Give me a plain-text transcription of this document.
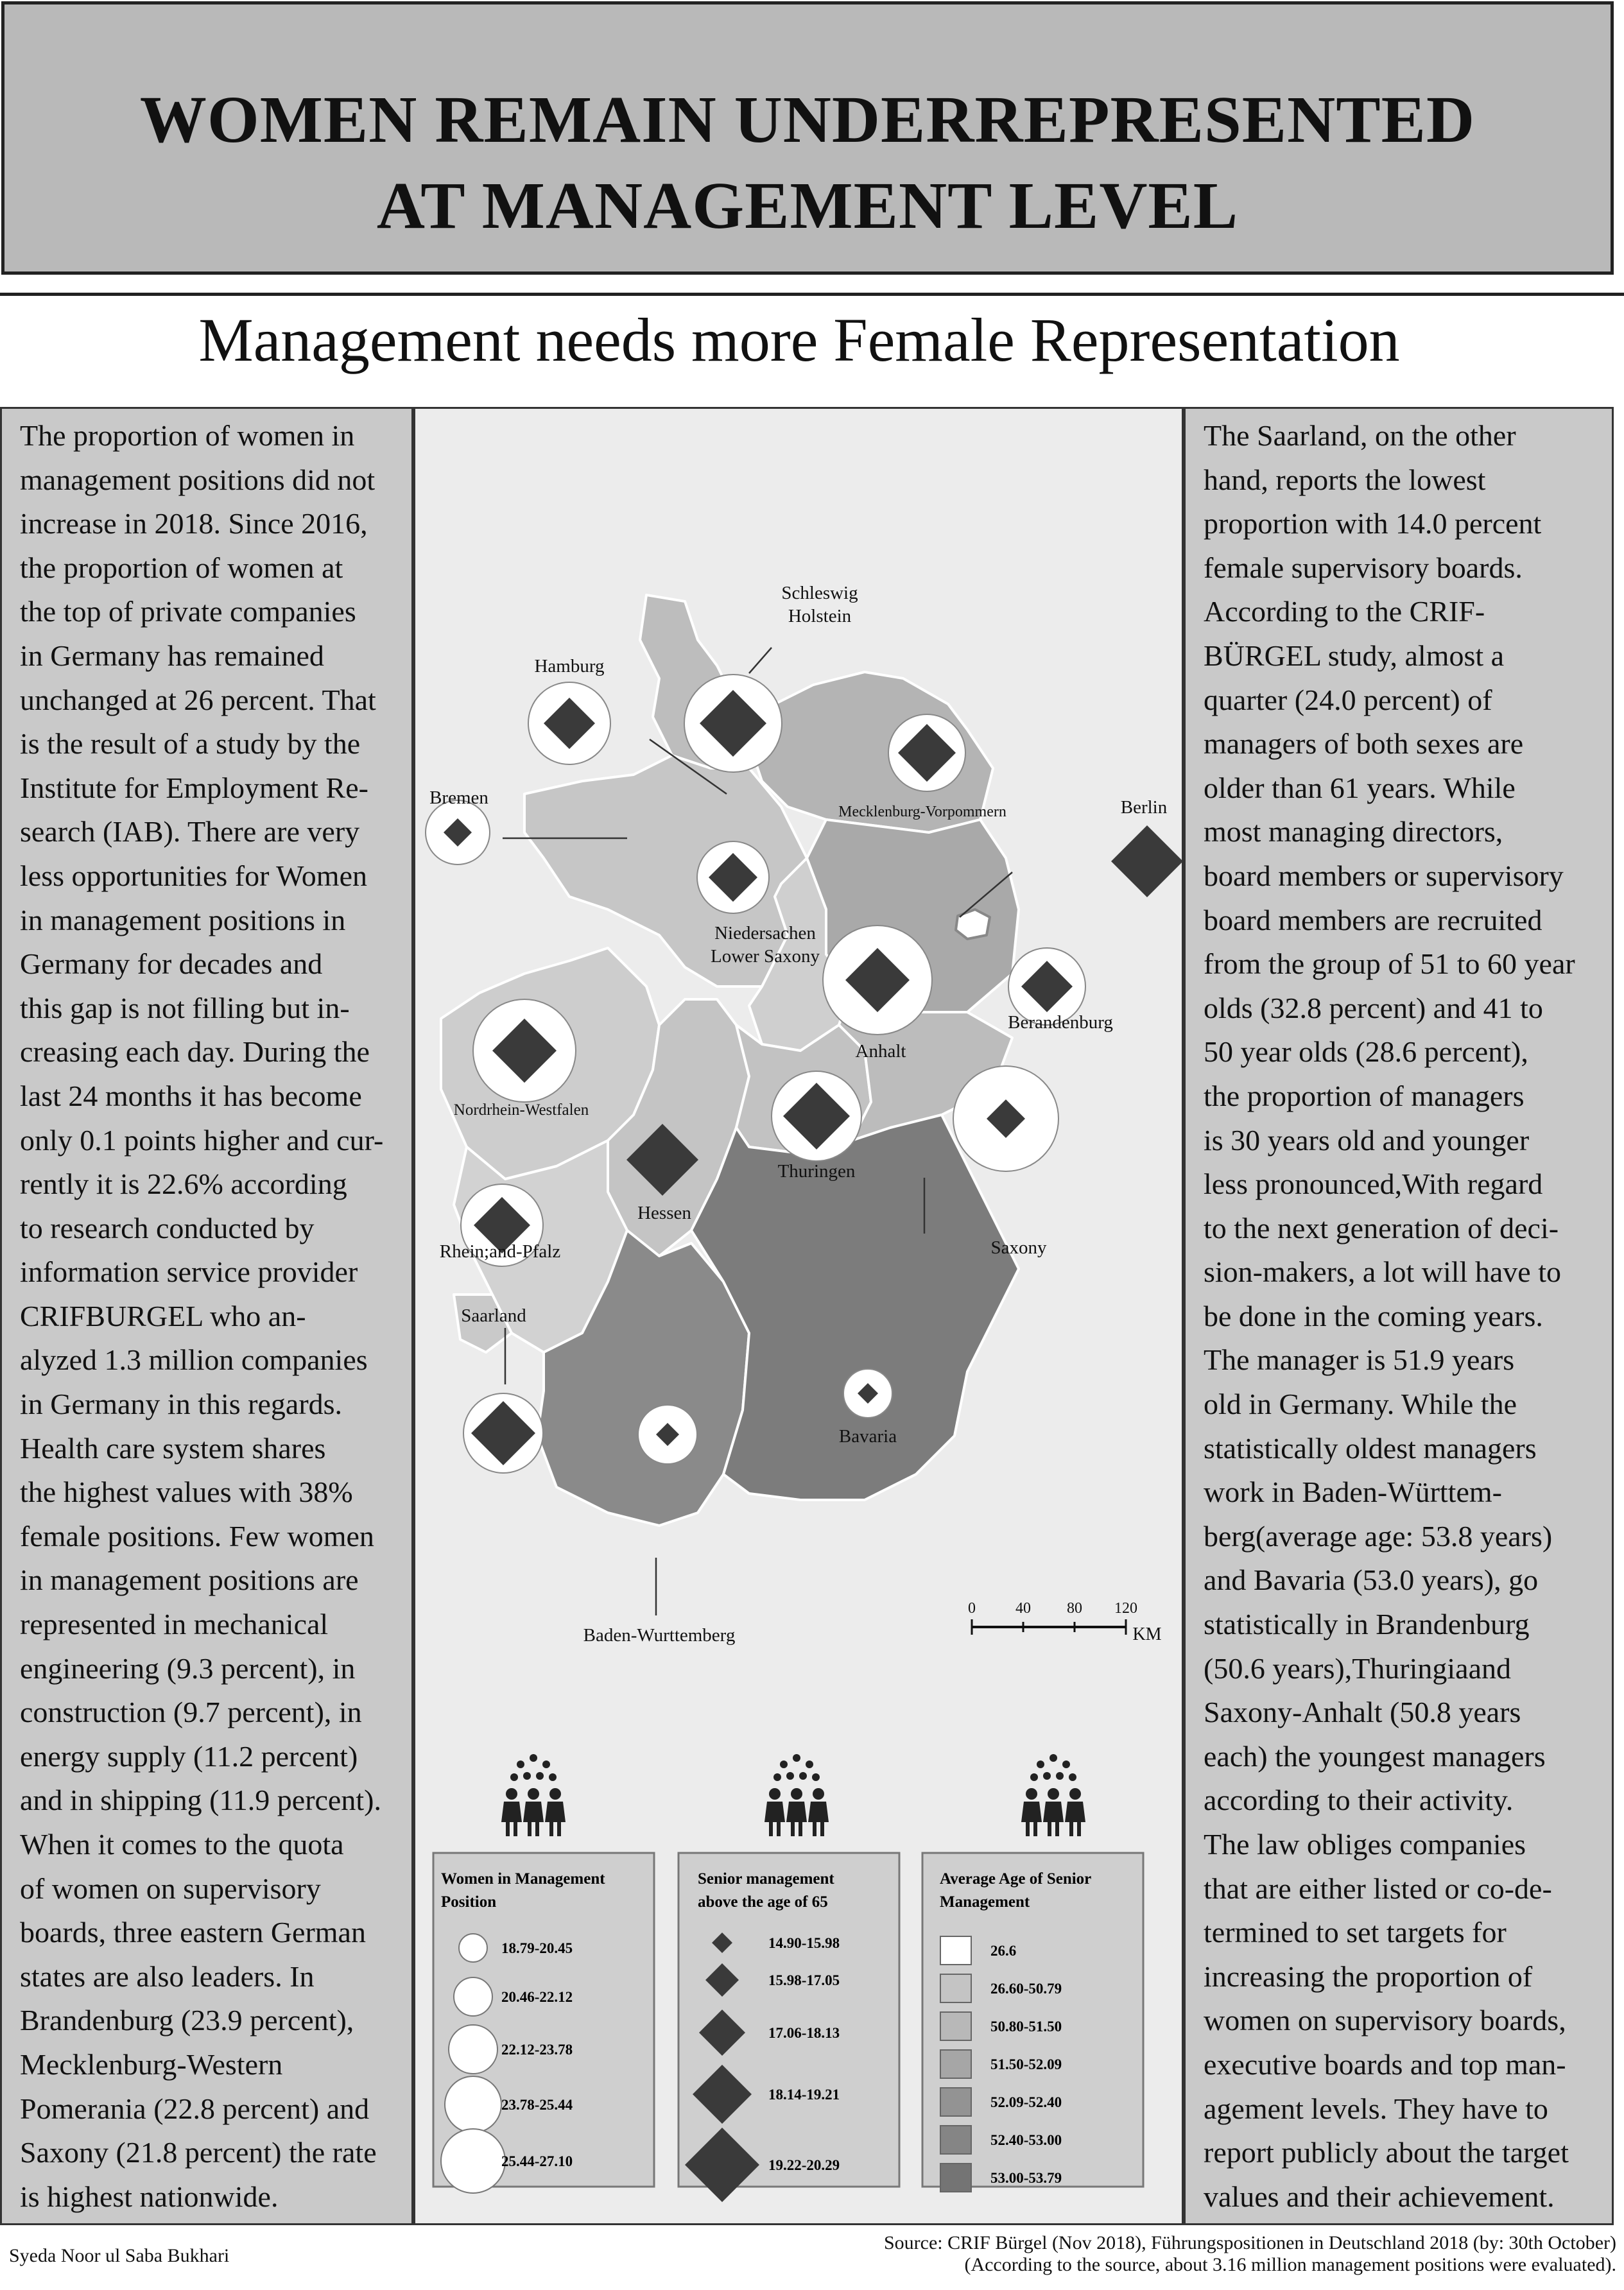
WOMEN REMAIN UNDERREPRESENTED
AT MANAGEMENT LEVEL
Management needs more Female Representation
The proportion of women in
management positions did not
increase in 2018. Since 2016,
the proportion of women at
the top of private companies
in Germany has remained
unchanged at 26 percent. That
is the result of a study by the
Institute for Employment Re-
search (IAB). There are very
less opportunities for Women
in management positions in
Germany for decades and
this gap is not filling but in-
creasing each day. During the
last 24 months it has become
only 0.1 points higher and cur-
rently it is 22.6% according
to research conducted by
information service provider
CRIFBURGEL who an-
alyzed 1.3 million companies
in Germany in this regards.
Health care system shares
the highest values with 38%
female positions. Few women
in management positions are
represented in mechanical
engineering (9.3 percent), in
construction (9.7 percent), in
energy supply (11.2 percent)
and in shipping (11.9 percent).
When it comes to the quota
of women on supervisory
boards, three eastern German
states are also leaders. In
Brandenburg (23.9 percent),
Mecklenburg-Western
Pomerania (22.8 percent) and
Saxony (21.8 percent) the rate
is highest nationwide.
The Saarland, on the other
hand, reports the lowest
proportion with 14.0 percent
female supervisory boards.
According to the CRIF-
BÜRGEL study, almost a
quarter (24.0 percent) of
managers of both sexes are
older than 61 years. While
most managing directors,
board members or supervisory
board members are recruited
from the group of 51 to 60 year
olds (32.8 percent) and 41 to
50 year olds (28.6 percent),
the proportion of managers
is 30 years old and younger
less pronounced,With regard
to the next generation of deci-
sion-makers, a lot will have to
be done in the coming years.
The manager is 51.9 years
old in Germany. While the
statistically oldest managers
work in Baden-Württem-
berg(average age: 53.8 years)
and Bavaria (53.0 years), go
statistically in Brandenburg
(50.6 years),Thuringiaand
Saxony-Anhalt (50.8 years
each) the youngest managers
according to their activity.
The law obliges companies
that are either listed or co-de-
termined to set targets for
increasing the proportion of
women on supervisory boards,
executive boards and top man-
agement levels. They have to
report publicly about the target
values and their achievement.
Schleswig
Holstein
Hamburg
Bremen
Mecklenburg-Vorpommern	Berlin
Niedersachen
Lower Saxony
Berandenburg
Anhalt
Nordrhein-Westfalen
Thuringen
Hessen
Saxony
Rhein;and-Pfalz
Saarland
Bavaria
Baden-Wurttemberg
0	40 80 120
KM
Women in Management
Position
18.79-20.45
20.46-22.12
22.12-23.78
23.78-25.44
25.44-27.10
Senior management
above the age of 65
14.90-15.98
15.98-17.05
17.06-18.13
18.14-19.21
19.22-20.29
Average Age of Senior
Management
26.6
26.60-50.79
50.80-51.50
51.50-52.09
52.09-52.40
52.40-53.00
53.00-53.79
Syeda Noor ul Saba Bukhari
Source: CRIF Bürgel (Nov 2018), Führungspositionen in Deutschland 2018 (by: 30th October)
(According to the source, about 3.16 million management positions were evaluated).
